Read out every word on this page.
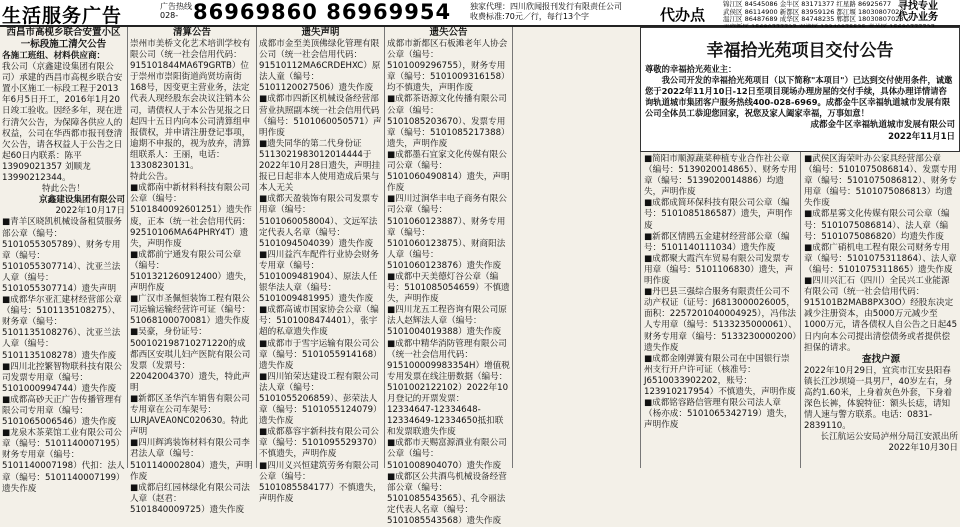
生活服务广告	广告热线
028- 86969860 86969954 独家代理：四川欣闻报刊发行有限责任公司
收费标准:70元／行，每行13个字	代办点
锦江区 84545086 金牛区 83171377 红星路 86925677
武侯区 86114900 新都区 83959126 都江堰 18030807028
温江区 86487689 成华区 84748235 郫都区 18030807028
寻找专业
代办业务

西昌市高枧乡联合安置小区一标段施工清欠公告

各施工班组、材料供应商：

我公司（京鑫建设集团有限公司）承建的西昌市高枧乡联合安置小区施工一标段工程于2013年6月5日开工，2016年1月20日竣工验收。因经多年，现在进行清欠公告，为保障各供应人的权益，公司在华西都市报刊登清欠公告，请各权益人于公告之日起60日内联系：陈平 13909021357 刘顺龙 13990212344。

特此公告！

京鑫建设集团有限公司

2022年10月17日

■青羊区晓凯机械设备租赁服务部公章（编号：5101055305789）、财务专用章（编号：5101055307714）、沈亚兰法人章（编号：5101055307714）遗失声明

■成都华尔亚汇建材经营部公章（编号：5101135108275）、财务章（编号：5101135108276）、沈亚兰法人章（编号：5101135108278）遗失作废

■四川北控繁智物联科技有限公司发票专用章（编号：5101000994744）遗失作废

■成都高砂天正广告传播管理有限公司专用章（编号：5101065006546）遗失作废

■龙泉木茶菜馆工业有限公司公章（编号：5101140007195）财务专用章（编号：5101140007198）代扣：法人章（编号：5101140007199）遗失作废

清算公告

崇州市美桥文化艺术培训学校有限公司（统一社会信用代码：915101844MA6T9GRTB）位于崇州市崇阳街道尚贤坊南街168号，因变更主营业务，法定代表人现经股东会决议注销本公司，请债权人于本公告见报之日起四十五日内向本公司清算组申报债权，并申请注册登记事项，逾期不申报的，视为放弃，清算组联系人：王丽，电话：13308230131。

特此公告。

■成都南中新材料科技有限公司公章（编号：5101840092601251）遗失作废，正本（统一社会信用代码：92510106MA64PHRY4T）遗失，声明作废

■成都前宁通发有限公司公章（编号：5101321260912400）遗失，声明作废

■广汉市圣佩恒装饰工程有限公司运输运输经营许可证（编号：51068100070081）遗失作废

■吴豪，身份证号：500102198710271220的成都西区安琪儿妇产医院有限公司发票（发票号：22042004370）遗失，特此声明

■新都区圣华汽车销售有限公司专用章在公司车架号：LURJAVEA0NC020630。特此声明

■四川辉鸿装饰材料有限公司李君法人章（编号：5101140002804）遗失，声明作废

■成都启红园林绿化有限公司法人章（赵君：5101840009725）遗失作废

遗失声明

成都市金至美顶佛绿化管理有限公司（统一社会信用代码：91510112MA6CRDEHXC）原法人童（编号：5101120027506）遗失作废

■成都市四新区机械设备经营部营业执照副本统一社会信用代码（编号：5101060050571）声明作废

■遗失同华的第二代身份证5113021983012014444于2022年10月28日遗失，声明挂报已日起非本人使用造成后果与本人无关

■成都天盈装饰有限公司发票专用章（编号：5101060058004）、文远军法定代表人名章（编号：5101094504039）遗失作废

■四川益汽车配件行业协会财务专用章（编号：5101009481904）、原法人任银华法人章（编号：5101009481995）遗失作废

■成都高诚市国家协会公章（编号：5101008474401），张宇超的私章遗失作废

■成都市于雪宇运输有限公司公章（编号：5101055914168）遗失作废

■四川铂荣达建设工程有限公司法人章（编号：5101055206859）、彭荣法人章（编号：5101055124079）遗失作废

■成都慕容宇新科技有限公司公章（编号：5101095529370）不慎遗失，声明作废

■四川义兴恒建筑劳务有限公司公章（编号：5101085584177）不慎遗失，声明作废

遗失公告

成都市新都区石板滩老年人协会公章（编号：5101009296755），财务专用章（编号：5101009316158）均不慎遗失，声明作废

■成都茶语源文化传播有限公司公章（编号：5101085203670）、发票专用章（编号：5101085217388）遗失，声明作废

■成都墨石宜家文化传媒有限公司公章（编号：5101060490814）遗失，声明作废

■四川过涧华丰电子商务有限公司公章（编号：5101060123887）、财务专用章（编号：5101060123875）、财商阳法人章（编号：5101060123876）遗失作废

■成都中天美德灯谷公章（编号：5101085054659）不慎遗失，声明作废

■四川龙五工程咨询有限公司原法人赵辉法人章（编号：5101004019388）遗失作废

■成都中精华消防管理有限公司（统一社会信用代码：915100009983354H）增值税专用发票在线注册数据（编号：5101002122102）2022年10月登记的开票发票：12334647-12334648-12334649-12334650抵扣联和发票联遗失作废

■成都市天赐富源酒业有限公司公章（编号：5101008904070）遗失作废

■成都区公共酒鸟机械设备经营部公章（编号：5101085543565）、孔令丽法定代表人名章（编号：5101085543568）遗失作废

幸福拾光苑项目交付公告
尊敬的幸福拾光苑业主：
我公司开发的幸福拾光苑项目（以下简称"本项目"）已达到交付使用条件，诚邀您于2022年11月10日-12日至项目现场办理房屋的交付手续，具体办理详情请咨询轨道城市集团客户服务热线400-028-6969。成都金牛区幸福轨道城市发展有限公司全体员工恭迎您回家，祝您及家人阖家幸福，万事如意！
成都金牛区幸福轨道城市发展有限公司
2022年11月1日

■简阳市顺源蔬菜种植专业合作社公章（编号：5139020014865）、财务专用章（编号：5139020014886）均遗失，声明作废

■成都成简环保科技有限公司公章（编号：5101085186587）遗失，声明作废

■新都区情鸥五金建材经营部公章（编号：5101140111034）遗失作废

■成都聚大霞汽车贸易有限公司发票专用章（编号：5101106830）遗失，声明作废

■丹巴县三强综合服务有限责任公司不动产权证（证号：J6813000026005，面积：2257201040004925），冯伟法人专用章（编号：5133235000061）、财务专用章（编号：5133230000200）遗失作废

■成都金刚弹簧有限公司在中国银行崇州支行开户许可证（核准号：J6510033902202，账号：123910217954）不慎遗失，声明作废

■成都铭容路信管理有限公司法人章（杨亦成：5101065342719）遗失，声明作废

■武侯区海荣叶办公家具经营部公章（编号：5101075086814）、发票专用章（编号：5101075086812）、财务专用章（编号：5101075086813）均遗失作废

■成都星雾文化传媒有限公司公章（编号：5101075086814）、法人章（编号：5101075086820）均遗失作废

■成都广硝机电工程有限公司财务专用章（编号：5101075311864）、法人章（编号：5101075311865）遗失作废

■四川兴汇石（四川）全民兴工业能源有限公司（统一社会信用代码：915101B2MAB8PX30O）经股东决定减少注册资本，由5000万元减少至1000万元，请各债权人自公告之日起45日内向本公司提出清偿债务或者提供偿担保的请求。

查找户源

2022年10月29日，宜宾市江安县阳春镇长江沙坝境一具男尸，40岁左右，身高约1.60米，上身着灰色外套，下身着深色长裤，体貌特征：额头长痣，请知情人速与警方联系。电话：0831-2839110。

长江航运公安局泸州分局江安派出所 2022年10月30日
